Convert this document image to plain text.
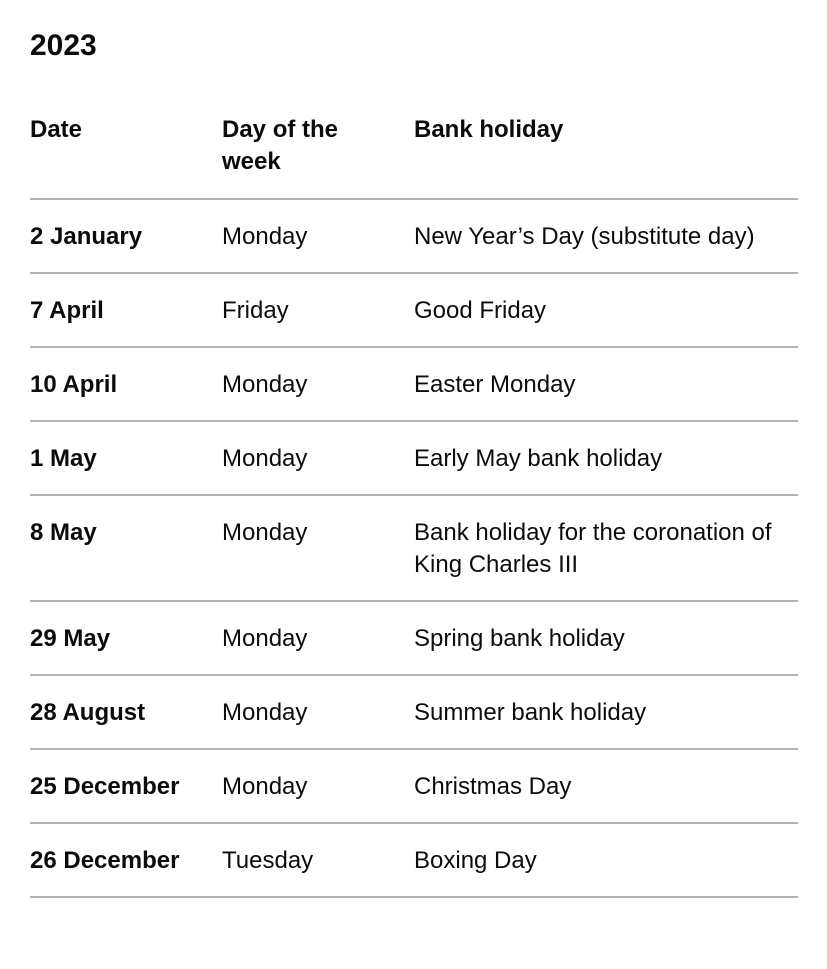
2023
Date	Day of the week	Bank holiday
2 January	Monday	New Year’s Day (substitute day)
7 April	Friday	Good Friday
10 April	Monday	Easter Monday
1 May	Monday	Early May bank holiday
8 May	Monday	Bank holiday for the coronation of King Charles III
29 May	Monday	Spring bank holiday
28 August	Monday	Summer bank holiday
25 December	Monday	Christmas Day
26 December	Tuesday	Boxing Day
